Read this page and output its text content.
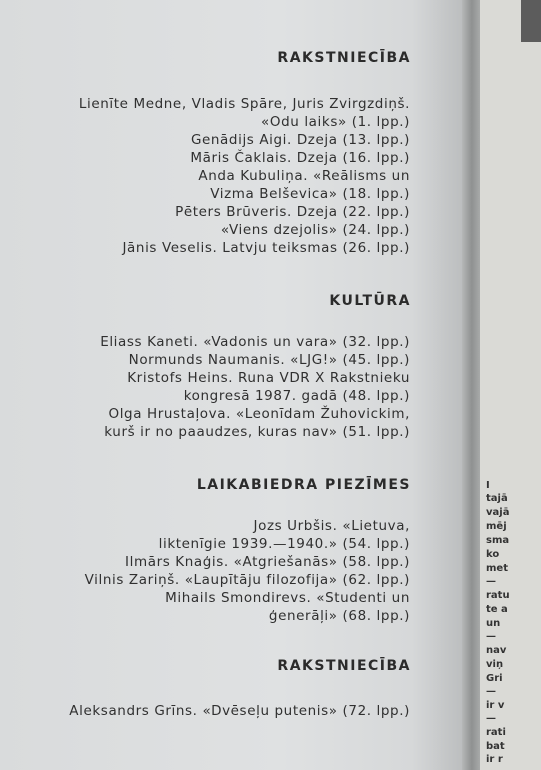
RAKSTNIECĪBA
Lienīte Medne, Vladis Spāre, Juris Zvirgzdiņš.
«Odu laiks» (1. lpp.)
Genādijs Aigi. Dzeja (13. lpp.)
Māris Čaklais. Dzeja (16. lpp.)
Anda Kubuliņa. «Reālisms un
Vizma Belševica» (18. lpp.)
Pēters Brūveris. Dzeja (22. lpp.)
«Viens dzejolis» (24. lpp.)
Jānis Veselis. Latvju teiksmas (26. lpp.)
KULTŪRA
Eliass Kaneti. «Vadonis un vara» (32. lpp.)
Normunds Naumanis. «LJG!» (45. lpp.)
Kristofs Heins. Runa VDR X Rakstnieku
kongresā 1987. gadā (48. lpp.)
Olga Hrustaļova. «Leonīdam Žuhovickim,
kurš ir no paaudzes, kuras nav» (51. lpp.)
LAIKABIEDRA PIEZĪMES
Jozs Urbšis. «Lietuva,
liktenīgie 1939.—1940.» (54. lpp.)
Ilmārs Knaģis. «Atgriešanās» (58. lpp.)
Vilnis Zariņš. «Laupītāju filozofija» (62. lpp.)
Mihails Smondirevs. «Studenti un
ģenerāļi» (68. lpp.)
RAKSTNIECĪBA
Aleksandrs Grīns. «Dvēseļu putenis» (72. lpp.)
I
tajā
vajā
mēj
sma
ko
met
—
ratu
te a
un
—
nav
viņ
Gri
—
ir v
—
rati
bat
ir r
